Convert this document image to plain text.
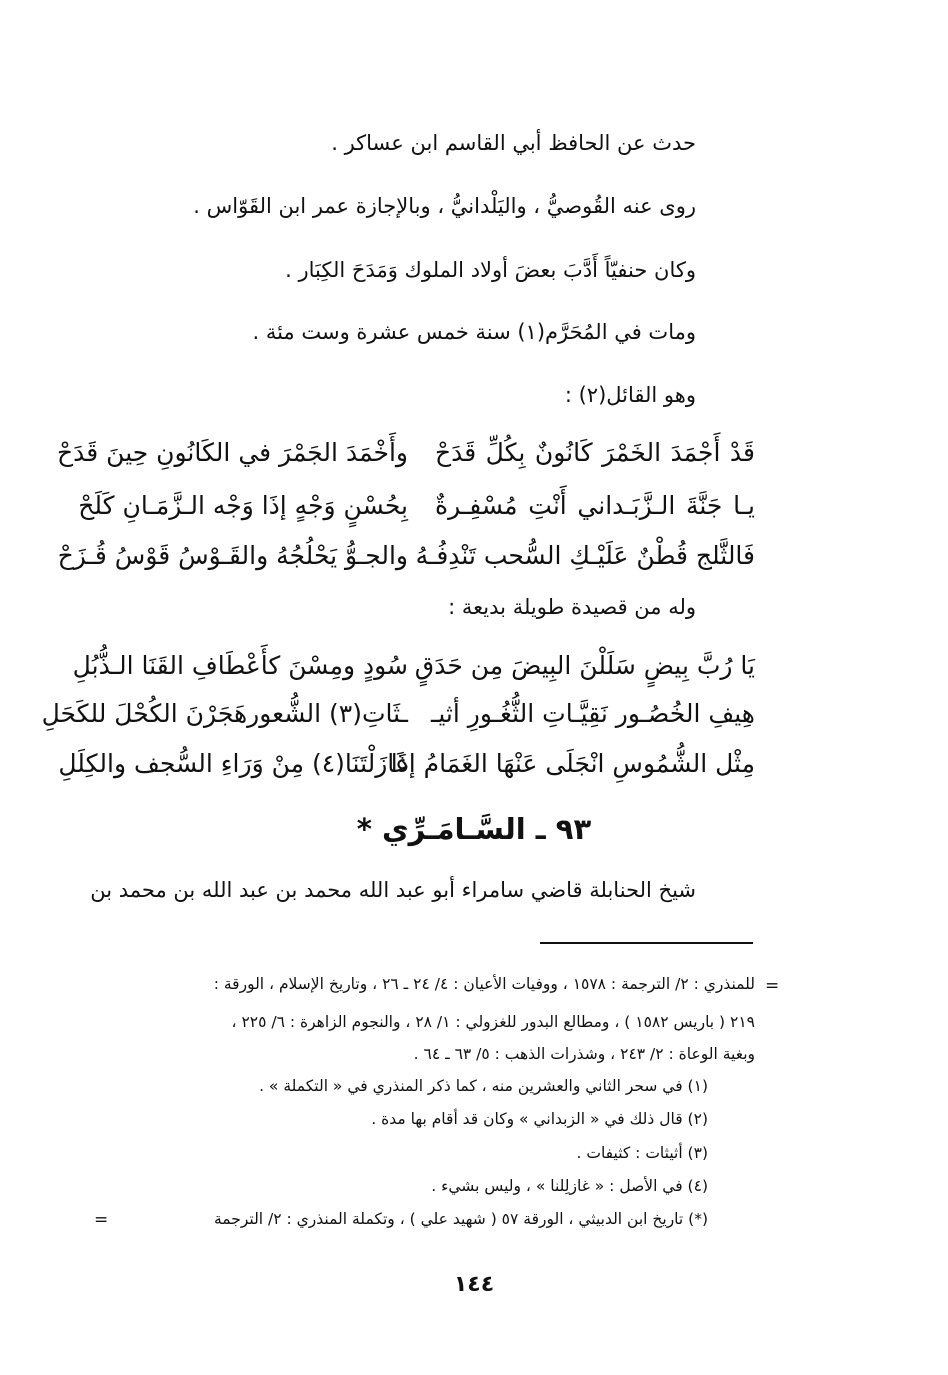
حدث عن الحافظ أبي القاسم ابن عساكر .
روى عنه القُوصيُّ ، واليَلْدانيُّ ، وبالإجازة عمر ابن القَوّاس .
وكان حنفيّاً أَدَّبَ بعضَ أولاد الملوك وَمَدَحَ الكِبَار .
ومات في المُحَرَّم(١) سنة خمس عشرة وست مئة .
وهو القائل(٢) :
قَدْ أَجْمَدَ الخَمْرَ كَانُونٌ بِكُلِّ قَدَحْ
وأَخْمَدَ الجَمْرَ في الكَانُونِ حِينَ قَدَحْ
يـا جَنَّةَ الـزَّبَـداني أَنْتِ مُسْفِـرةٌ
بِحُسْنٍ وَجْهٍ إذَا وَجْه الـزَّمَـانِ كَلَحْ
فَالثَّلج قُطْنٌ عَلَيْـكِ السُّحب تَنْدِفُـهُ
والجـوُّ يَحْلُجُهُ والقَـوْسُ قَوْسُ قُـزَحْ
وله من قصيدة طويلة بديعة :
يَا رُبَّ بِيضٍ سَلَلْنَ البِيضَ مِن حَدَقٍ
سُودٍ ومِسْنَ كأَعْطَافِ القَنَا الـذُّبُلِ
هِيفِ الخُصُـور نَقِيَّـاتِ الثُّغُـورِ أثيـ
ـثَاتِ(٣) الشُّعورهَجَرْنَ الكُحْلَ للكَحَلِ
مِثْل الشُّمُوسِ انْجَلَى عَنْهَا الغَمَامُ إذَا
غَازَلْتَنَا(٤) مِنْ وَرَاءِ السُّجف والكِلَلِ
٩٣ ـ السَّـامَـرِّي *
شيخ الحنابلة قاضي سامراء أبو عبد الله محمد بن عبد الله بن محمد بن
=
للمنذري : ٢/ الترجمة : ١٥٧٨ ، ووفيات الأعيان : ٤/ ٢٤ ـ ٢٦ ، وتاريخ الإسلام ، الورقة :
٢١٩ ( باريس ١٥٨٢ ) ، ومطالع البدور للغزولي : ١/ ٢٨ ، والنجوم الزاهرة : ٦/ ٢٢٥ ،
وبغية الوعاة : ٢/ ٢٤٣ ، وشذرات الذهب : ٥/ ٦٣ ـ ٦٤ .
(١) في سحر الثاني والعشرين منه ، كما ذكر المنذري في « التكملة » .
(٢) قال ذلك في « الزبداني » وكان قد أقام بها مدة .
(٣) أثيثات : كثيفات .
(٤) في الأصل : « غازلِلنا » ، وليس بشيء .
(*) تاريخ ابن الدبيثي ، الورقة ٥٧ ( شهيد علي ) ، وتكملة المنذري : ٢/ الترجمة
=
١٤٤
